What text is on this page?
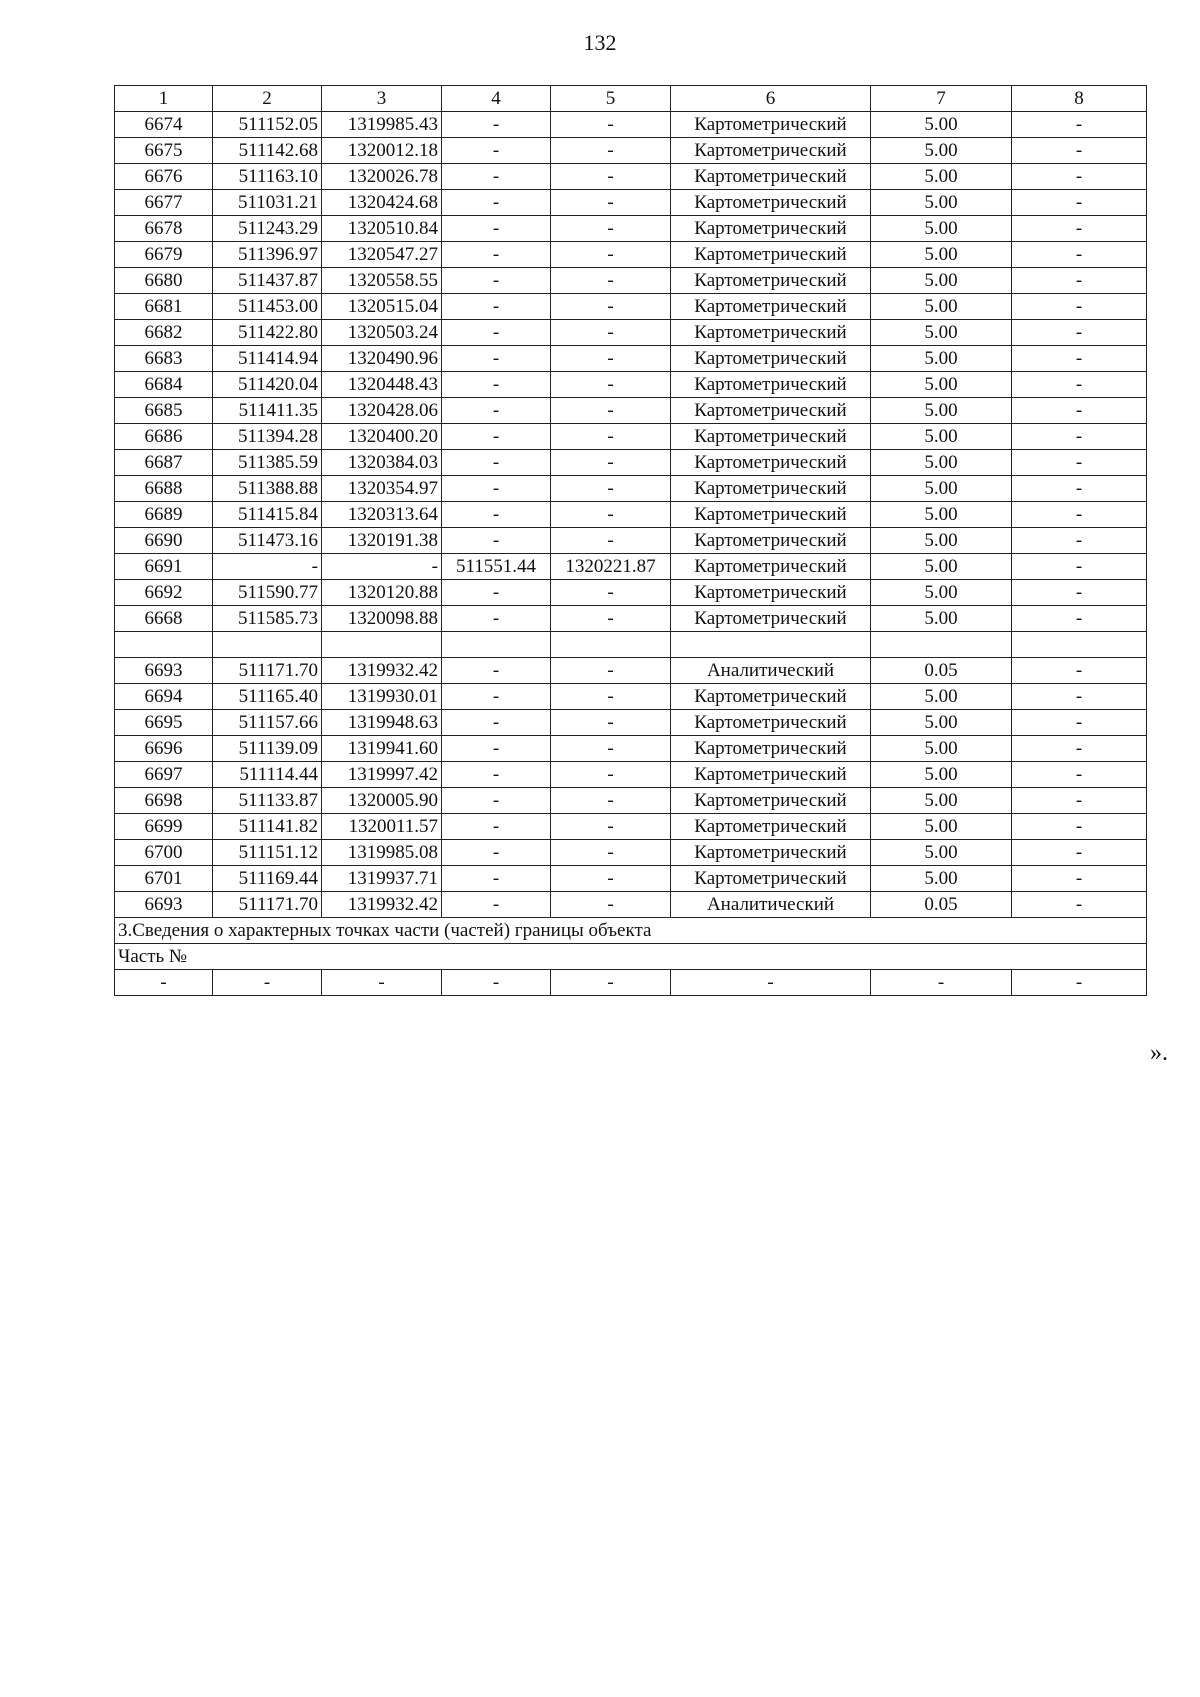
132
1	2	3	4	5	6	7	8
6674	511152.05	1319985.43	-	-	Картометрический	5.00	-
6675	511142.68	1320012.18	-	-	Картометрический	5.00	-
6676	511163.10	1320026.78	-	-	Картометрический	5.00	-
6677	511031.21	1320424.68	-	-	Картометрический	5.00	-
6678	511243.29	1320510.84	-	-	Картометрический	5.00	-
6679	511396.97	1320547.27	-	-	Картометрический	5.00	-
6680	511437.87	1320558.55	-	-	Картометрический	5.00	-
6681	511453.00	1320515.04	-	-	Картометрический	5.00	-
6682	511422.80	1320503.24	-	-	Картометрический	5.00	-
6683	511414.94	1320490.96	-	-	Картометрический	5.00	-
6684	511420.04	1320448.43	-	-	Картометрический	5.00	-
6685	511411.35	1320428.06	-	-	Картометрический	5.00	-
6686	511394.28	1320400.20	-	-	Картометрический	5.00	-
6687	511385.59	1320384.03	-	-	Картометрический	5.00	-
6688	511388.88	1320354.97	-	-	Картометрический	5.00	-
6689	511415.84	1320313.64	-	-	Картометрический	5.00	-
6690	511473.16	1320191.38	-	-	Картометрический	5.00	-
6691	-	-	511551.44	1320221.87	Картометрический	5.00	-
6692	511590.77	1320120.88	-	-	Картометрический	5.00	-
6668	511585.73	1320098.88	-	-	Картометрический	5.00	-

6693	511171.70	1319932.42	-	-	Аналитический	0.05	-
6694	511165.40	1319930.01	-	-	Картометрический	5.00	-
6695	511157.66	1319948.63	-	-	Картометрический	5.00	-
6696	511139.09	1319941.60	-	-	Картометрический	5.00	-
6697	511114.44	1319997.42	-	-	Картометрический	5.00	-
6698	511133.87	1320005.90	-	-	Картометрический	5.00	-
6699	511141.82	1320011.57	-	-	Картометрический	5.00	-
6700	511151.12	1319985.08	-	-	Картометрический	5.00	-
6701	511169.44	1319937.71	-	-	Картометрический	5.00	-
6693	511171.70	1319932.42	-	-	Аналитический	0.05	-
3.Сведения о характерных точках части (частей) границы объекта							
Часть №							
-	-	-	-	-	-	-	-
».
